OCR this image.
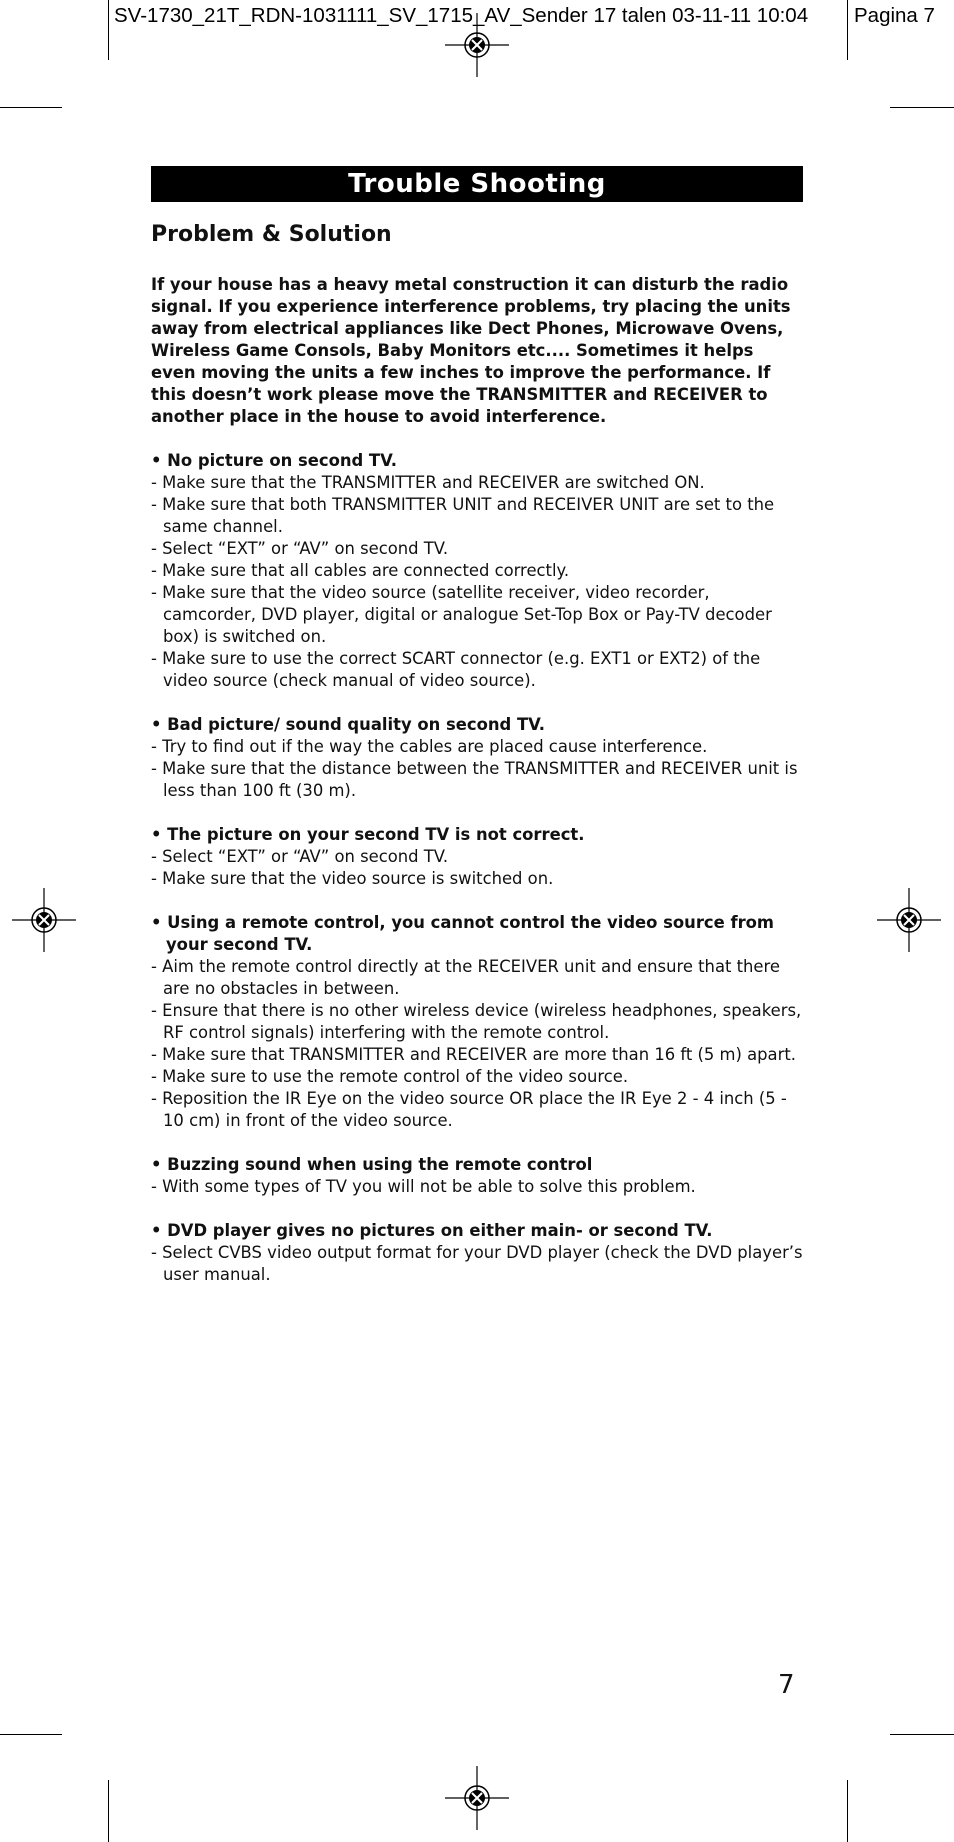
SV-1730_21T_RDN-1031111_SV_1715_AV_Sender 17 talen 03-11-11 10:04 Pagina 7
Trouble Shooting
Problem & Solution
If your house has a heavy metal construction it can disturb the radio signal. If you experience interference problems, try placing the units away from electrical appliances like Dect Phones, Microwave Ovens, Wireless Game Consols, Baby Monitors etc.... Sometimes it helps even moving the units a few inches to improve the performance. If this doesn’t work please move the TRANSMITTER and RECEIVER to another place in the house to avoid interference.
• No picture on second TV.
- Make sure that the TRANSMITTER and RECEIVER are switched ON.
- Make sure that both TRANSMITTER UNIT and RECEIVER UNIT are set to the same channel.
- Select “EXT” or “AV” on second TV.
- Make sure that all cables are connected correctly.
- Make sure that the video source (satellite receiver, video recorder, camcorder, DVD player, digital or analogue Set-Top Box or Pay-TV decoder box) is switched on.
- Make sure to use the correct SCART connector (e.g. EXT1 or EXT2) of the video source (check manual of video source).
• Bad picture/ sound quality on second TV.
- Try to find out if the way the cables are placed cause interference.
- Make sure that the distance between the TRANSMITTER and RECEIVER unit is less than 100 ft (30 m).
• The picture on your second TV is not correct.
- Select “EXT” or “AV” on second TV.
- Make sure that the video source is switched on.
• Using a remote control, you cannot control the video source from your second TV.
- Aim the remote control directly at the RECEIVER unit and ensure that there are no obstacles in between.
- Ensure that there is no other wireless device (wireless headphones, speakers, RF control signals) interfering with the remote control.
- Make sure that TRANSMITTER and RECEIVER are more than 16 ft (5 m) apart.
- Make sure to use the remote control of the video source.
- Reposition the IR Eye on the video source OR place the IR Eye 2 - 4 inch (5 - 10 cm) in front of the video source.
• Buzzing sound when using the remote control
- With some types of TV you will not be able to solve this problem.
• DVD player gives no pictures on either main- or second TV.
- Select CVBS video output format for your DVD player (check the DVD player’s user manual.
7
